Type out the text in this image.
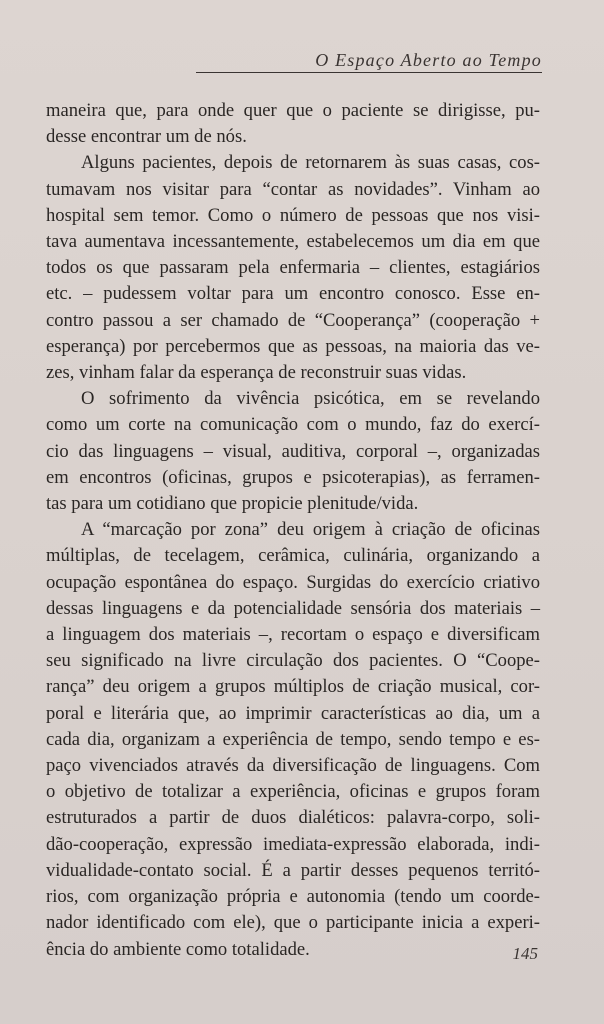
O Espaço Aberto ao Tempo

maneira que, para onde quer que o paciente se dirigisse, pu-
desse encontrar um de nós.

Alguns pacientes, depois de retornarem às suas casas, cos-
tumavam nos visitar para “contar as novidades”. Vinham ao
hospital sem temor. Como o número de pessoas que nos visi-
tava aumentava incessantemente, estabelecemos um dia em que
todos os que passaram pela enfermaria – clientes, estagiários
etc. – pudessem voltar para um encontro conosco. Esse en-
contro passou a ser chamado de “Cooperança” (cooperação +
esperança) por percebermos que as pessoas, na maioria das ve-
zes, vinham falar da esperança de reconstruir suas vidas.

O sofrimento da vivência psicótica, em se revelando
como um corte na comunicação com o mundo, faz do exercí-
cio das linguagens – visual, auditiva, corporal –, organizadas
em encontros (oficinas, grupos e psicoterapias), as ferramen-
tas para um cotidiano que propicie plenitude/vida.

A “marcação por zona” deu origem à criação de oficinas
múltiplas, de tecelagem, cerâmica, culinária, organizando a
ocupação espontânea do espaço. Surgidas do exercício criativo
dessas linguagens e da potencialidade sensória dos materiais –
a linguagem dos materiais –, recortam o espaço e diversificam
seu significado na livre circulação dos pacientes. O “Coope-
rança” deu origem a grupos múltiplos de criação musical, cor-
poral e literária que, ao imprimir características ao dia, um a
cada dia, organizam a experiência de tempo, sendo tempo e es-
paço vivenciados através da diversificação de linguagens. Com
o objetivo de totalizar a experiência, oficinas e grupos foram
estruturados a partir de duos dialéticos: palavra-corpo, soli-
dão-cooperação, expressão imediata-expressão elaborada, indi-
vidualidade-contato social. É a partir desses pequenos territó-
rios, com organização própria e autonomia (tendo um coorde-
nador identificado com ele), que o participante inicia a experi-
ência do ambiente como totalidade.	145
